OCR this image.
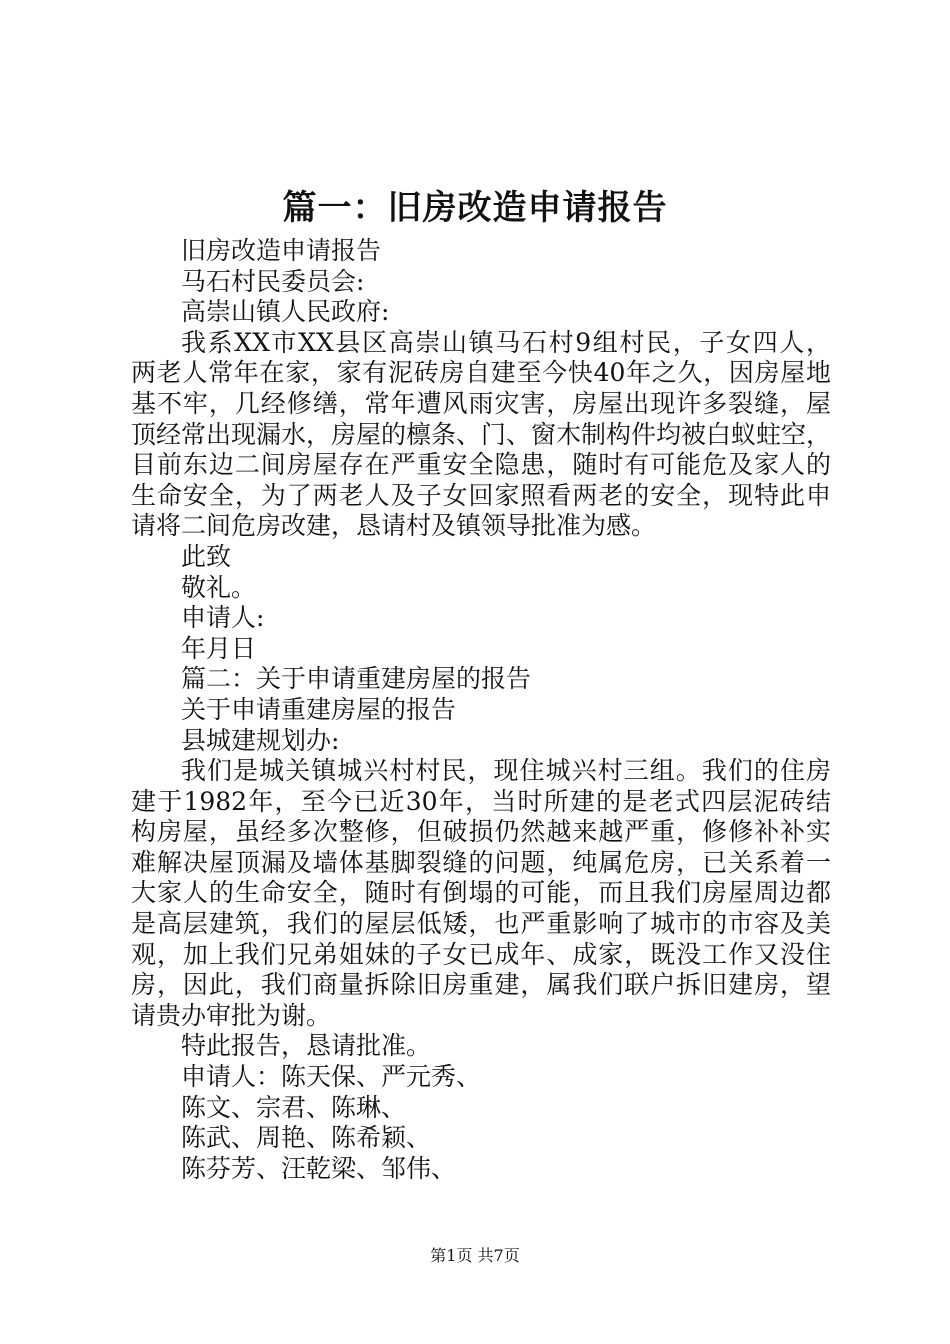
篇一：旧房改造申请报告
旧房改造申请报告
马石村民委员会:
高崇山镇人民政府:
我系XX市XX县区高崇山镇马石村9组村民，子女四人，
两老人常年在家，家有泥砖房自建至今快40年之久，因房屋地
基不牢，几经修缮，常年遭风雨灾害，房屋出现许多裂缝，屋
顶经常出现漏水，房屋的檩条、门、窗木制构件均被白蚁蛀空，
目前东边二间房屋存在严重安全隐患，随时有可能危及家人的
生命安全，为了两老人及子女回家照看两老的安全，现特此申
请将二间危房改建，恳请村及镇领导批准为感。
此致
敬礼。
申请人:
年月日
篇二：关于申请重建房屋的报告
关于申请重建房屋的报告
县城建规划办:
我们是城关镇城兴村村民，现住城兴村三组。我们的住房
建于1982年，至今已近30年，当时所建的是老式四层泥砖结
构房屋，虽经多次整修，但破损仍然越来越严重，修修补补实
难解决屋顶漏及墙体基脚裂缝的问题，纯属危房，已关系着一
大家人的生命安全，随时有倒塌的可能，而且我们房屋周边都
是高层建筑，我们的屋层低矮，也严重影响了城市的市容及美
观，加上我们兄弟姐妹的子女已成年、成家，既没工作又没住
房，因此，我们商量拆除旧房重建，属我们联户拆旧建房，望
请贵办审批为谢。
特此报告，恳请批准。
申请人：陈天保、严元秀、
陈文、宗君、陈琳、
陈武、周艳、陈希颖、
陈芬芳、汪乾梁、邹伟、
第1页 共7页
